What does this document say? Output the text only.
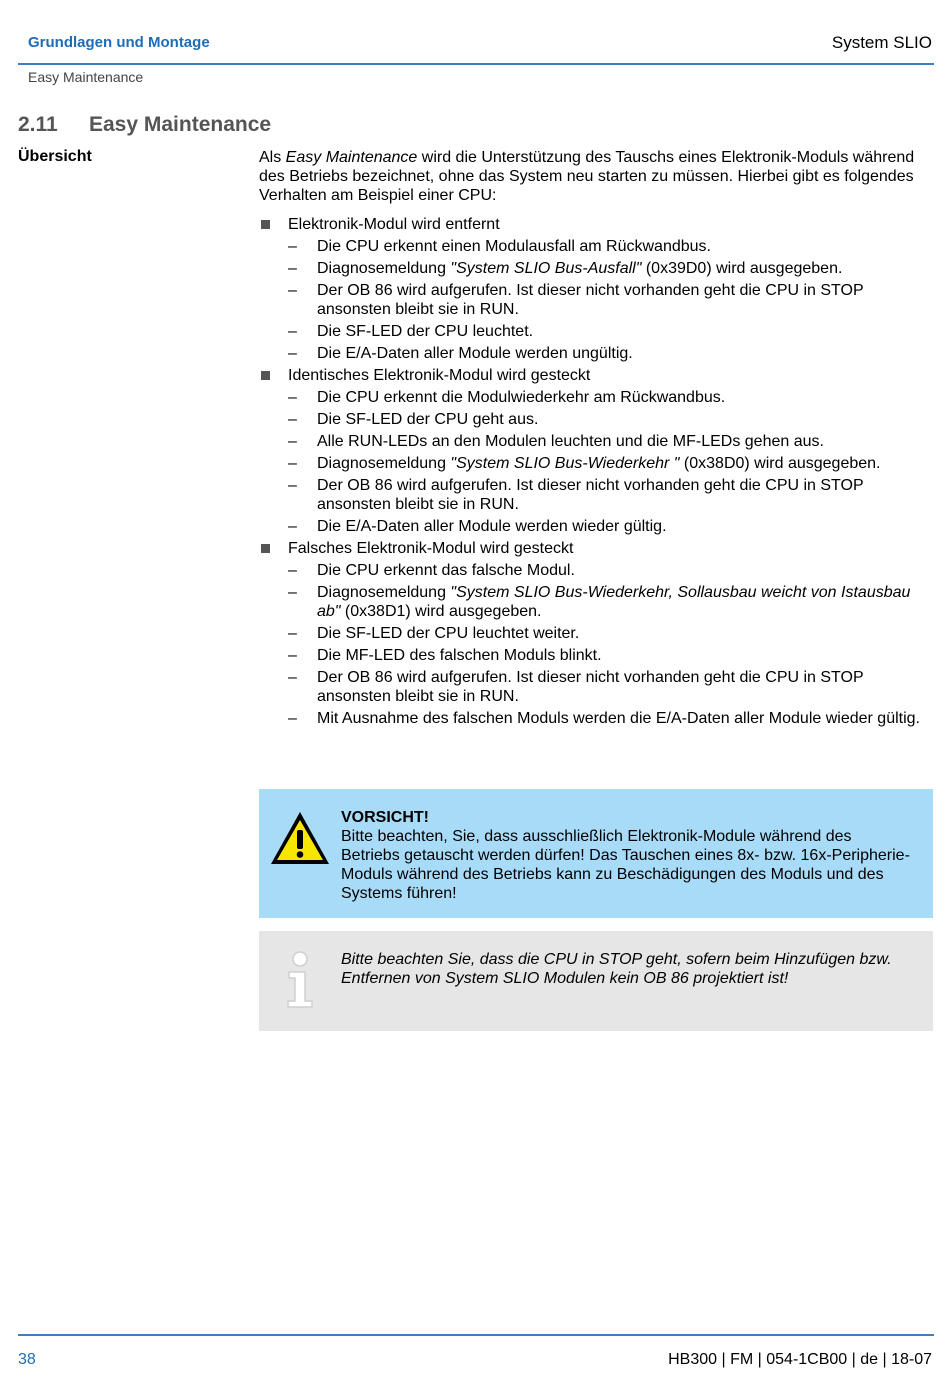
Grundlagen und Montage	System SLIO
Easy Maintenance
2.11 Easy Maintenance
Übersicht	Als Easy Maintenance wird die Unterstützung des Tauschs eines Elektronik-Moduls während des Betriebs bezeichnet, ohne das System neu starten zu müssen. Hierbei gibt es folgendes Verhalten am Beispiel einer CPU:

Elektronik-Modul wird entfernt
– Die CPU erkennt einen Modulausfall am Rückwandbus.
– Diagnosemeldung "System SLIO Bus-Ausfall" (0x39D0) wird ausgegeben.
– Der OB 86 wird aufgerufen. Ist dieser nicht vorhanden geht die CPU in STOP ansonsten bleibt sie in RUN.
– Die SF-LED der CPU leuchtet.
– Die E/A-Daten aller Module werden ungültig.
Identisches Elektronik-Modul wird gesteckt
– Die CPU erkennt die Modulwiederkehr am Rückwandbus.
– Die SF-LED der CPU geht aus.
– Alle RUN-LEDs an den Modulen leuchten und die MF-LEDs gehen aus.
– Diagnosemeldung "System SLIO Bus-Wiederkehr " (0x38D0) wird ausgegeben.
– Der OB 86 wird aufgerufen. Ist dieser nicht vorhanden geht die CPU in STOP ansonsten bleibt sie in RUN.
– Die E/A-Daten aller Module werden wieder gültig.
Falsches Elektronik-Modul wird gesteckt
– Die CPU erkennt das falsche Modul.
– Diagnosemeldung "System SLIO Bus-Wiederkehr, Sollausbau weicht von Istausbau ab" (0x38D1) wird ausgegeben.
– Die SF-LED der CPU leuchtet weiter.
– Die MF-LED des falschen Moduls blinkt.
– Der OB 86 wird aufgerufen. Ist dieser nicht vorhanden geht die CPU in STOP ansonsten bleibt sie in RUN.
– Mit Ausnahme des falschen Moduls werden die E/A-Daten aller Module wieder gültig.
VORSICHT!
Bitte beachten, Sie, dass ausschließlich Elektronik-Module während des Betriebs getauscht werden dürfen! Das Tauschen eines 8x- bzw. 16x-Peripherie-Moduls während des Betriebs kann zu Beschädigungen des Moduls und des Systems führen!
Bitte beachten Sie, dass die CPU in STOP geht, sofern beim Hinzufügen bzw. Entfernen von System SLIO Modulen kein OB 86 projektiert ist!
38	HB300 | FM | 054-1CB00 | de | 18-07
